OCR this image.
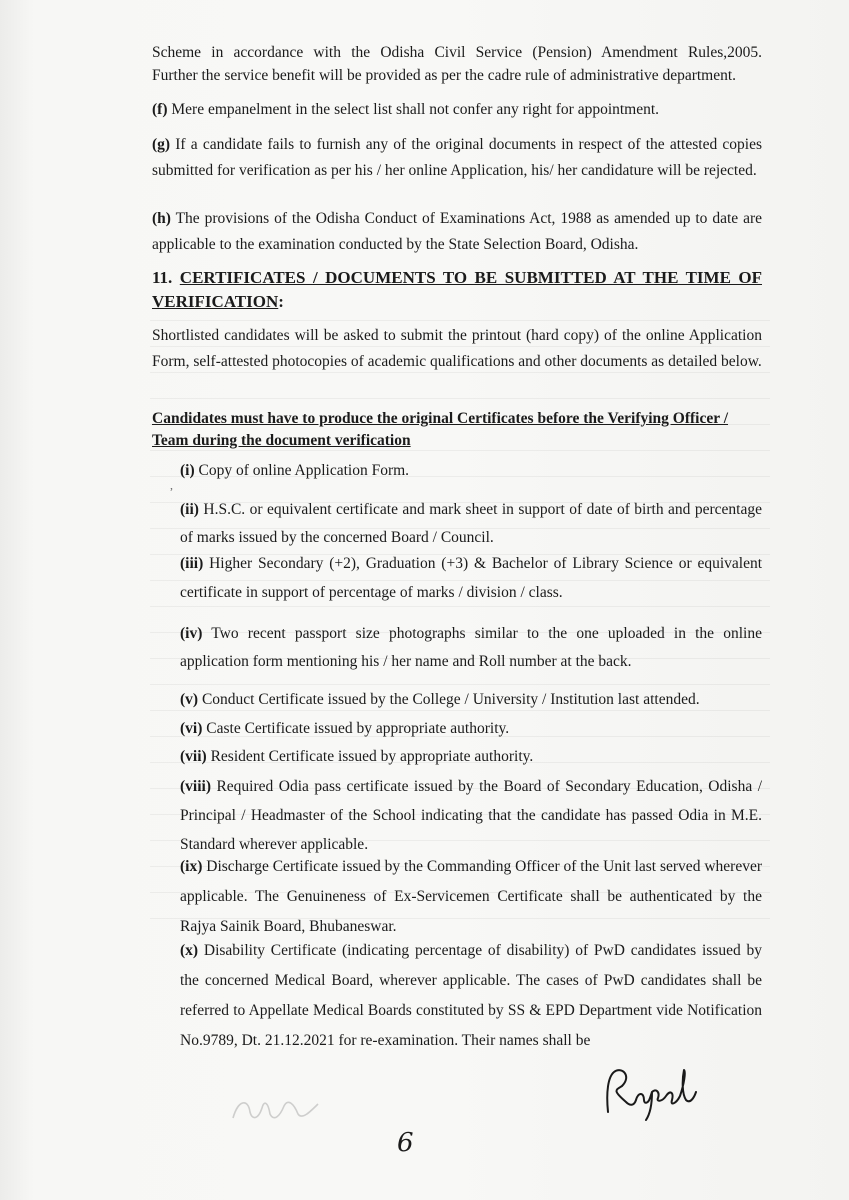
Scheme in accordance with the Odisha Civil Service (Pension) Amendment Rules,2005.
Further the service benefit will be provided as per the cadre rule of administrative department.
(f) Mere empanelment in the select list shall not confer any right for appointment.
(g) If a candidate fails to furnish any of the original documents in respect of the attested copies submitted for verification as per his / her online Application, his/ her candidature will be rejected.
(h) The provisions of the Odisha Conduct of Examinations Act, 1988 as amended up to date are applicable to the examination conducted by the State Selection Board, Odisha.
11. CERTIFICATES / DOCUMENTS TO BE SUBMITTED AT THE TIME OF
VERIFICATION:
Shortlisted candidates will be asked to submit the printout (hard copy) of the online Application Form, self-attested photocopies of academic qualifications and other documents as detailed below.
Candidates must have to produce the original Certificates before the Verifying Officer / Team during the document verification
,
(i) Copy of online Application Form.
(ii) H.S.C. or equivalent certificate and mark sheet in support of date of birth and percentage of marks issued by the concerned Board / Council.
(iii) Higher Secondary (+2), Graduation (+3) & Bachelor of Library Science or equivalent certificate in support of percentage of marks / division / class.
(iv) Two recent passport size photographs similar to the one uploaded in the online application form mentioning his / her name and Roll number at the back.
(v) Conduct Certificate issued by the College / University / Institution last attended.
(vi) Caste Certificate issued by appropriate authority.
(vii) Resident Certificate issued by appropriate authority.
(viii) Required Odia pass certificate issued by the Board of Secondary Education, Odisha / Principal / Headmaster of the School indicating that the candidate has passed Odia in M.E. Standard wherever applicable.
(ix) Discharge Certificate issued by the Commanding Officer of the Unit last served wherever applicable. The Genuineness of Ex-Servicemen Certificate shall be authenticated by the Rajya Sainik Board, Bhubaneswar.
(x) Disability Certificate (indicating percentage of disability) of PwD candidates issued by the concerned Medical Board, wherever applicable. The cases of PwD candidates shall be referred to Appellate Medical Boards constituted by SS & EPD Department vide Notification No.9789, Dt. 21.12.2021 for re-examination. Their names shall be
6
